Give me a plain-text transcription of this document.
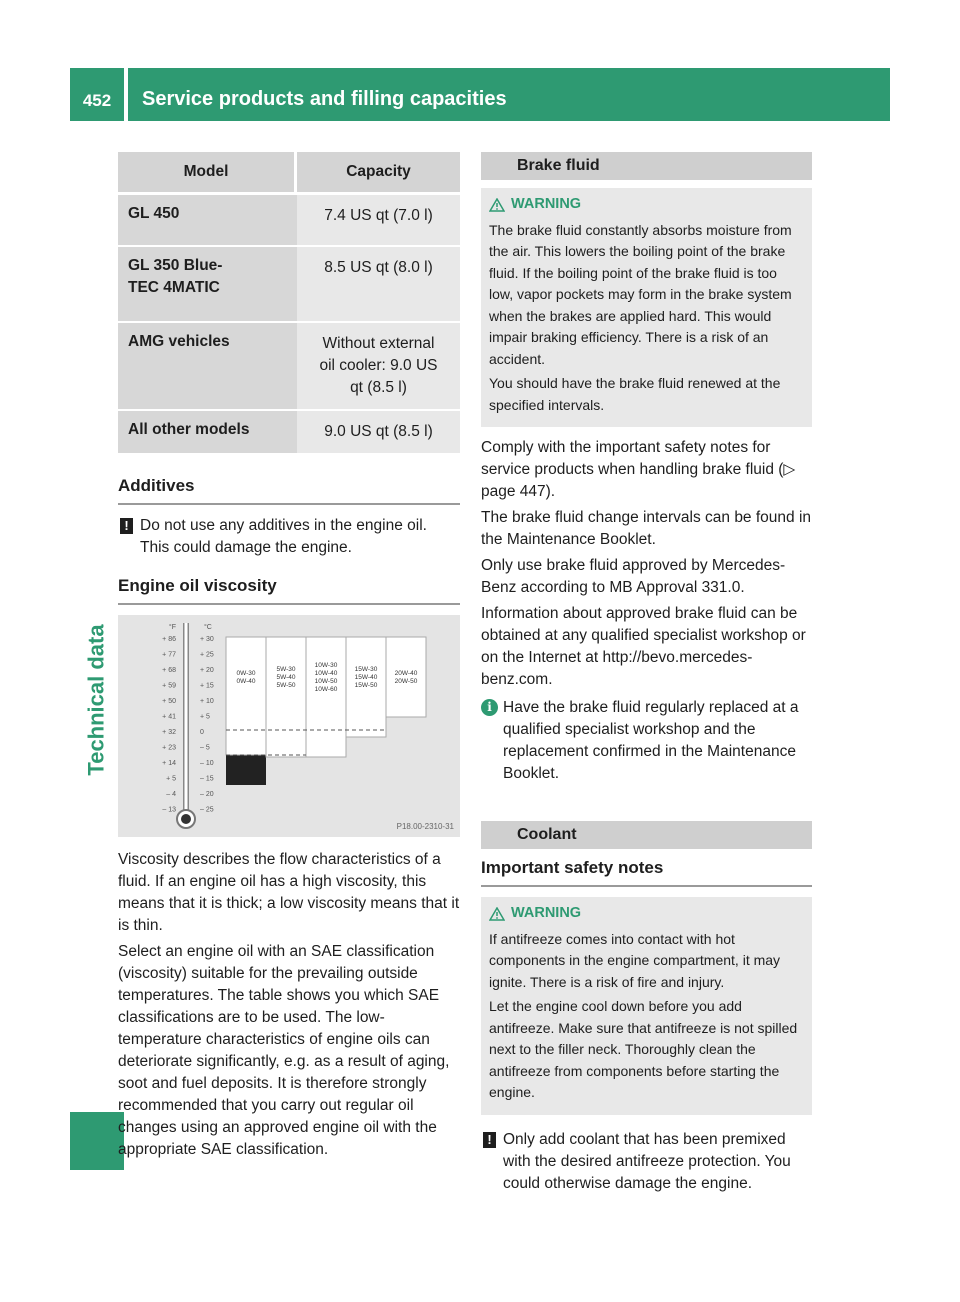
452	Service products and filling capacities
Technical data
Model	Capacity
GL 450	7.4 US qt (7.0 l)
GL 350 Blue-
TEC 4MATIC	8.5 US qt (8.0 l)
AMG vehicles	Without external oil cooler: 9.0 US qt (8.5 l)
All other models	9.0 US qt (8.5 l)
Additives
! Do not use any additives in the engine oil. This could damage the engine.
Engine oil viscosity
°F	°C
+ 86
+ 77
+ 68
+ 59
+ 50
+ 41
+ 32
+ 23
+ 14
+ 5
– 4
– 13
+ 30
+ 25
+ 20
+ 15
+ 10
+ 5
0
– 5
– 10
– 15
– 20
– 25
0W-30
0W-40
5W-30
5W-40
5W-50
10W-30
10W-40
10W-50
10W-60
15W-30
15W-40
15W-50
20W-40
20W-50
P18.00-2310-31

Viscosity describes the flow characteristics of a fluid. If an engine oil has a high viscosity, this means that it is thick; a low viscosity means that it is thin.

Select an engine oil with an SAE classification (viscosity) suitable for the prevailing outside temperatures. The table shows you which SAE classifications are to be used. The low-temperature characteristics of engine oils can deteriorate significantly, e.g. as a result of aging, soot and fuel deposits. It is therefore strongly recommended that you carry out regular oil changes using an approved engine oil with the appropriate SAE classification.

Brake fluid
WARNING

The brake fluid constantly absorbs moisture from the air. This lowers the boiling point of the brake fluid. If the boiling point of the brake fluid is too low, vapor pockets may form in the brake system when the brakes are applied hard. This would impair braking efficiency. There is a risk of an accident.

You should have the brake fluid renewed at the specified intervals.

Comply with the important safety notes for service products when handling brake fluid (▷ page 447).

The brake fluid change intervals can be found in the Maintenance Booklet.

Only use brake fluid approved by Mercedes-Benz according to MB Approval 331.0.

Information about approved brake fluid can be obtained at any qualified specialist workshop or on the Internet at http://bevo.mercedes-benz.com.

i Have the brake fluid regularly replaced at a qualified specialist workshop and the replacement confirmed in the Maintenance Booklet.
Coolant
Important safety notes
WARNING

If antifreeze comes into contact with hot components in the engine compartment, it may ignite. There is a risk of fire and injury.

Let the engine cool down before you add antifreeze. Make sure that antifreeze is not spilled next to the filler neck. Thoroughly clean the antifreeze from components before starting the engine.

! Only add coolant that has been premixed with the desired antifreeze protection. You could otherwise damage the engine.
